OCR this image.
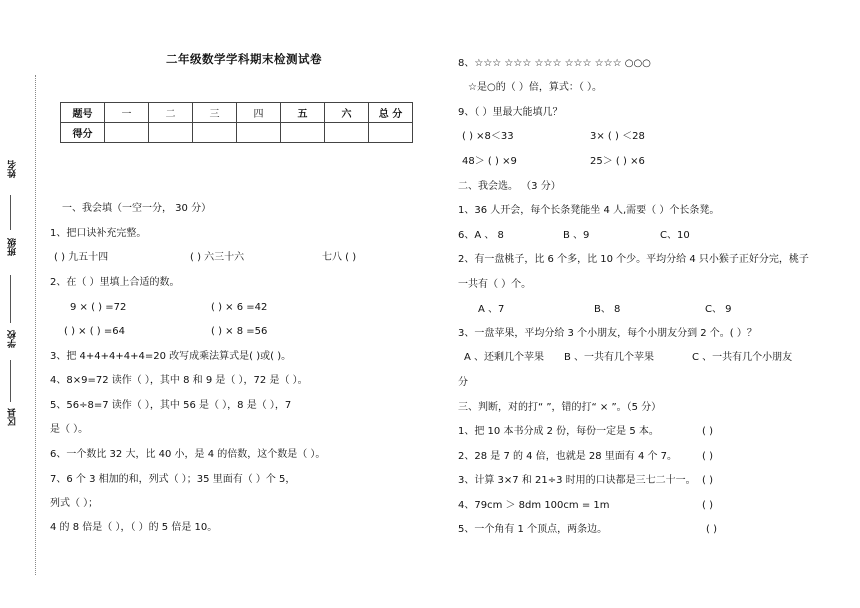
姓名
班级
学校
区县
二年级数学学科期末检测试卷
题号	一	二	三	四	五	六	总 分
得分							
一、我会填（一空一分， 30 分）
1、把口诀补充完整。
( ) 九五十四	( ) 六三十六	七八 ( )
2、在（ ）里填上合适的数。
9 × ( ) =72	( ) × 6 =42
( ) × ( ) =64	( ) × 8 =56
3、把 4+4+4+4+4=20 改写成乘法算式是( )或( )。
4、8×9=72 读作（ ），其中 8 和 9 是（ ），72 是（ ）。
5、56÷8=7 读作（ ），其中 56 是（ ），8 是（ ），7
是（ ）。
6、一个数比 32 大，比 40 小，是 4 的倍数，这个数是（ ）。
7、6 个 3 相加的和，列式（ ）；35 里面有（ ）个 5，
列式（ ）；
4 的 8 倍是（ ），（ ）的 5 倍是 10。
8、☆☆☆ ☆☆☆ ☆☆☆ ☆☆☆ ☆☆☆ ○○○
☆是○的（ ）倍，算式：（ ）。
9、（ ）里最大能填几？
( ) ×8＜33	3× ( ) ＜28
48＞ ( ) ×9	25＞ ( ) ×6
二、我会选。 （3 分）
1、36 人开会，每个长条凳能坐 4 人,需要（ ）个长条凳。
6、A 、 8	B 、9	C、10
2、有一盘桃子，比 6 个多，比 10 个少。平均分给 4 只小猴子正好分完，桃子
一共有（ ）个。
A 、7	B、 8	C、 9
3、一盘苹果，平均分给 3 个小朋友，每个小朋友分到 2 个。( ）？
A 、还剩几个苹果 B 、一共有几个苹果	C 、一共有几个小朋友
分
三、判断，对的打“ ”，错的打“ × ”。（5 分）
1、把 10 本书分成 2 份，每份一定是 5 本。	( )
2、28 是 7 的 4 倍，也就是 28 里面有 4 个 7。 ( )
3、计算 3×7 和 21÷3 时用的口诀都是三七二十一。 ( )
4、79cm ＞ 8dm 100cm = 1m	( )
5、一个角有 1 个顶点，两条边。	( )
